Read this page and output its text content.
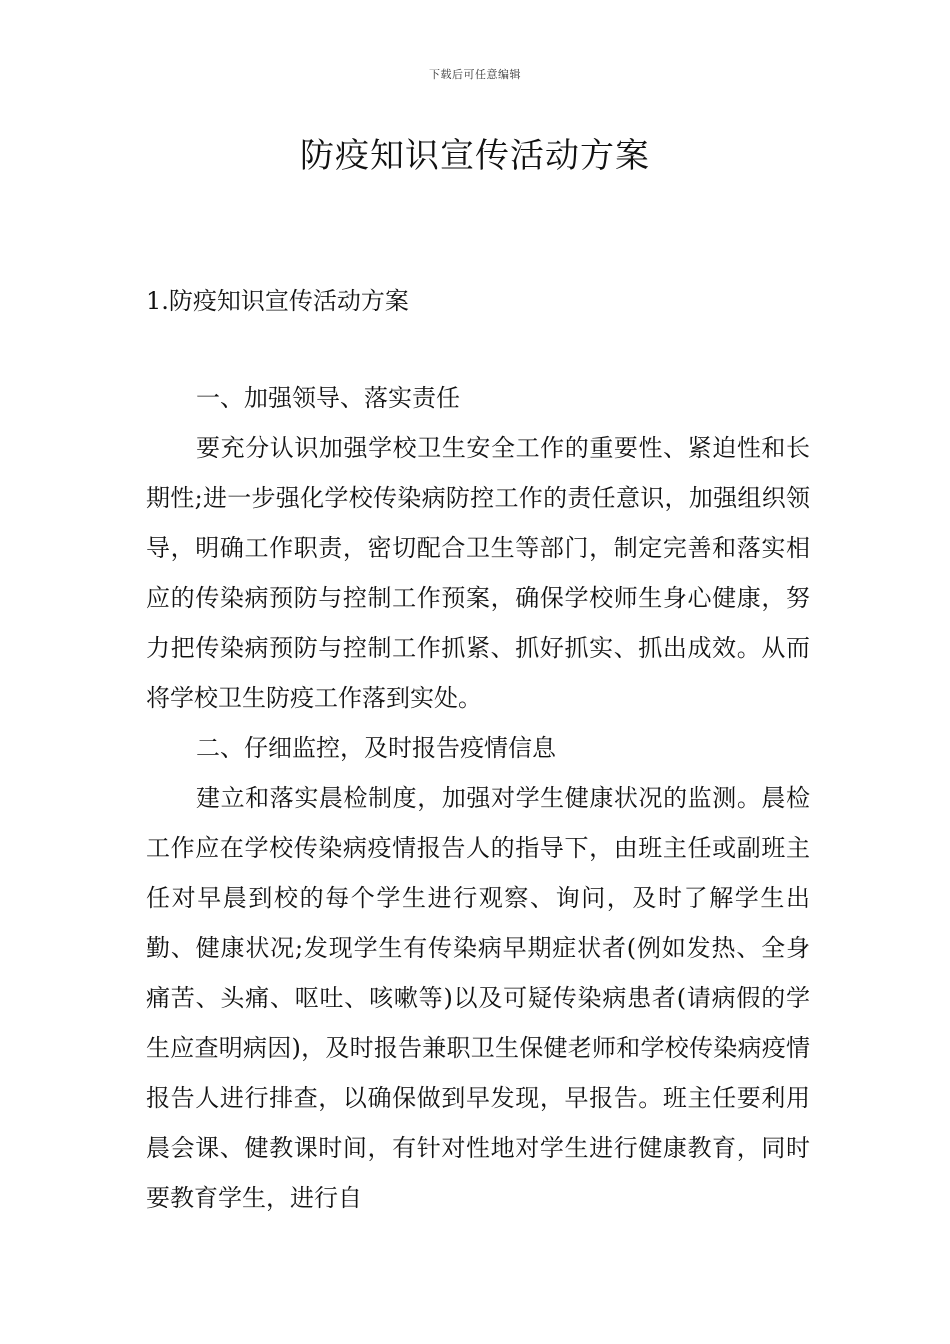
下载后可任意编辑
防疫知识宣传活动方案

1.防疫知识宣传活动方案

一、加强领导、落实责任

要充分认识加强学校卫生安全工作的重要性、紧迫性和长期性;进一步强化学校传染病防控工作的责任意识，加强组织领导，明确工作职责，密切配合卫生等部门，制定完善和落实相应的传染病预防与控制工作预案，确保学校师生身心健康，努力把传染病预防与控制工作抓紧、抓好抓实、抓出成效。从而将学校卫生防疫工作落到实处。

二、仔细监控，及时报告疫情信息

建立和落实晨检制度，加强对学生健康状况的监测。晨检工作应在学校传染病疫情报告人的指导下，由班主任或副班主任对早晨到校的每个学生进行观察、询问，及时了解学生出勤、健康状况;发现学生有传染病早期症状者(例如发热、全身痛苦、头痛、呕吐、咳嗽等)以及可疑传染病患者(请病假的学生应查明病因)，及时报告兼职卫生保健老师和学校传染病疫情报告人进行排查，以确保做到早发现，早报告。班主任要利用晨会课、健教课时间，有针对性地对学生进行健康教育，同时要教育学生，进行自
